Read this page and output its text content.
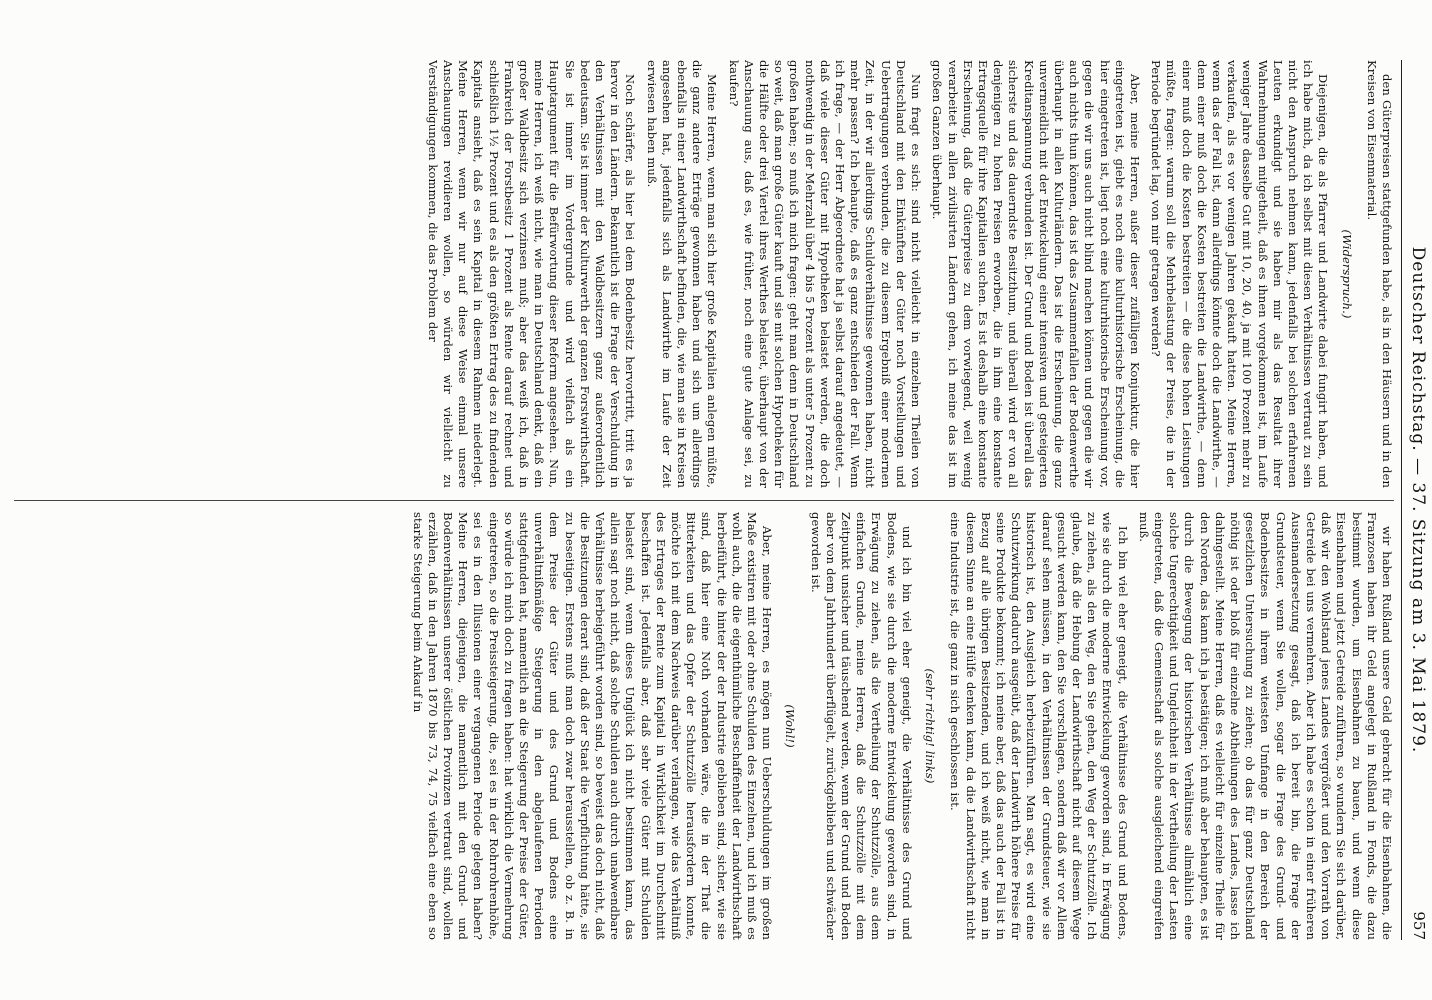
Deutscher Reichstag. — 37. Sitzung am 3. Mai 1879.
957

den Güterpreisen stattgefunden habe, als in den Häusern und in den Kreisen von Eisenmaterial.

(Widerspruch.)

Diejenigen, die als Pfarrer und Landwirte dabei fungirt haben, und ich habe mich, da ich selbst mit diesen Verhältnissen vertraut zu sein nicht den Anspruch nehmen kann, jedenfalls bei solchen erfahrenen Leuten erkundigt und sie haben mir als das Resultat ihrer Wahrnehmungen mitgetheilt, daß es ihnen vorgekommen ist, im Laufe weniger Jahre dasselbe Gut mit 10, 20, 40, ja mit 100 Prozent mehr zu verkaufen, als es vor wenigen Jahren gekauft hatten. Meine Herren, wenn das der Fall ist, dann allerdings könnte doch die Landwirthe, — denn einer muß doch die Kosten bestreiten die Landwirthe, — denn einer muß doch die Kosten bestreiten — die diese hohen Leistungen müßte, fragen: warum soll die Mehrbelastung der Preise, die in der Periode begründet lag, von mir getragen werden?

Aber, meine Herren, außer dieser zufälligen Konjunktur, die hier eingetreten ist, giebt es noch eine kulturhistorische Erscheinung, die hier eingetreten ist, liegt noch eine kulturhistorische Erscheinung vor, gegen die wir uns auch nicht blind machen können und gegen die wir auch nichts thun können, das ist das Zusammenfallen der Bodenwerthe überhaupt in allen Kulturländern. Das ist die Erscheinung, die ganz unvermeidlich mit der Entwickelung einer intensiven und gesteigerten Kreditanspannung verbunden ist. Der Grund und Boden ist überall das sicherste und das dauerndste Besitzthum, und überall wird er von all denjenigen zu hohen Preisen erworben, die in ihm eine konstante Ertragsquelle für ihre Kapitalien suchen. Es ist deshalb eine konstante Erscheinung, daß die Güterpreise zu dem vorwiegend, weil wenig verarbeitet in allen zivilisirten Ländern gehen, ich meine das ist im großen Ganzen überhaupt.

Nun fragt es sich: sind nicht vielleicht in einzelnen Theilen von Deutschland mit den Einkünften der Güter noch Vorstellungen und Uebertragungen verbunden, die zu diesem Ergebniß einer modernen Zeit, in der wir allerdings Schuldverhältnisse gewonnen haben, nicht mehr passen? Ich behaupte, daß es ganz entschieden der Fall. Wenn ich frage, — der Herr Abgeordnete hat ja selbst darauf angedeutet, — daß viele dieser Güter mit Hypotheken belastet werden, die doch nothwendig in der Mehrzahl über 4 bis 5 Prozent als unter 5 Prozent zu großen haben; so muß ich mich fragen: geht man denn in Deutschland so weit, daß man große Güter kauft und sie mit solchen Hypotheken für die Hälfte oder drei Viertel ihres Werthes belastet, überhaupt von der Anschauung aus, daß es, wie früher, noch eine gute Anlage sei, zu kaufen?

Meine Herren, wenn man sich hier große Kapitalien anlegen müßte, die ganz andere Erträge gewonnen haben und sich um allerdings ebenfalls in einer Landwirthschaft befinden, die, wie man sie in Kreisen angesehen hat, jedenfalls sich als Landwirthe im Laufe der Zeit erwiesen haben muß.

Noch schärfer, als hier bei dem Bodenbesitz hervortritt, tritt es ja hervor in den Ländern. Bekanntlich ist die Frage der Verschuldung in den Verhältnissen mit den Waldbesitzern ganz außerordentlich bedeutsam. Sie ist immer der Kulturwerth der ganzen Forstwirthschaft. Sie ist immer im Vordergrunde und wird vielfach als ein Hauptargument für die Befürwortung dieser Reform angesehen. Nun, meine Herren, ich weiß nicht, wie man in Deutschland denkt, daß ein großer Waldbesitz sich verzinsen muß; aber das weiß ich, daß in Frankreich der Forstbesitz 1 Prozent als Rente darauf rechnet und schließlich 1½ Prozent und es als den größten Ertrag des zu findenden Kapitals ansieht, daß es sein Kapital in diesem Rahmen niederlegt. Meine Herren, wenn wir nur auf diese Weise einmal unsere Anschauungen revidieren wollen, so würden wir vielleicht zu Verständigungen kommen, die das Problem der

wir haben Rußland unsere Geld gebracht für die Eisenbahnen, die Franzosen haben ihr Geld angelegt in Rußland in Fonds, die dazu bestimmt wurden, um Eisenbahnen zu bauen, und wenn diese Eisenbahnen und jetzt Getreide zuführen, so wundern Sie sich darüber, daß wir den Wohlstand jenes Landes vergrößert und den Vorrath von Getreide bei uns vermehren. Aber ich habe es schon in einer früheren Auseinandersetzung gesagt, daß ich bereit bin, die Frage der Grundsteuer, wenn Sie wollen, sogar die Frage des Grund- und Bodenbesitzes in ihrem weitesten Umfange in den Bereich der gesetzlichen Untersuchung zu ziehen; ob das für ganz Deutschland nöthig ist oder bloß für einzelne Abtheilungen des Landes, lasse ich dahingestellt. Meine Herren, daß es vielleicht für einzelne Theile für den Norden, das kann ich ja bestätigen; ich muß aber behaupten, es ist durch die Bewegung der historischen Verhältnisse allmählich eine solche Ungerechtigkeit und Ungleichheit in der Vertheilung der Lasten eingetreten, daß die Gemeinschaft als solche ausgleichend eingreifen muß.

Ich bin viel eher geneigt, die Verhältnisse des Grund und Bodens, wie sie durch die moderne Entwickelung geworden sind, in Erwägung zu ziehen, als den Weg, den Sie gehen, den Weg der Schutzzölle. Ich glaube, daß die Hebung der Landwirthschaft nicht auf diesem Wege gesucht werden kann, den Sie vorschlagen, sondern daß wir vor Allem darauf sehen müssen, in den Verhältnissen der Grundsteuer, wie sie historisch ist, den Ausgleich herbeizuführen. Man sagt, es wird eine Schutzwirkung dadurch ausgeübt, daß der Landwirth höhere Preise für seine Produkte bekommt; ich meine aber, daß das auch der Fall ist in Bezug auf alle übrigen Besitzenden, und ich weiß nicht, wie man in diesem Sinne an eine Hülfe denken kann, da die Landwirthschaft nicht eine Industrie ist, die ganz in sich geschlossen ist.

(sehr richtig! links)

und ich bin viel eher geneigt, die Verhältnisse des Grund und Bodens, wie sie durch die moderne Entwickelung geworden sind, in Erwägung zu ziehen, als die Vertheilung der Schutzzölle, aus dem einfachen Grunde, meine Herren, daß die Schutzzölle mit dem Zeitpunkt unsicher und täuschend werden, wenn der Grund und Boden aber von dem Jahrhundert überflügelt, zurückgeblieben und schwächer geworden ist.

(Wohl!)

Aber, meine Herren, es mögen nun Ueberschuldungen im großen Maße existiren mit oder ohne Schulden des Einzelnen, und ich muß es wohl auch, die die eigenthümliche Beschaffenheit der Landwirthschaft herbeiführt, die hinter der der Industrie geblieben sind, sicher, wie sie sind, daß hier eine Noth vorhanden wäre, die in der That die Bitterkeiten und das Opfer der Schutzzölle herausfordern konnte, möchte ich mit dem Nachweis darüber verlangen, wie das Verhältniß des Ertrages der Rente zum Kapital in Wirklichkeit im Durchschnitt beschaffen ist. Jedenfalls aber, daß sehr viele Güter mit Schulden belastet sind, wenn dieses Unglück ich nicht bestimmen kann, das allein sagt noch nicht, daß solche Schulden auch durch unabwendbare Verhältnisse herbeigeführt worden sind, so beweist das doch nicht, daß die Besitzungen derart sind, daß der Staat die Verpflichtung hätte, sie zu beseitigen. Erstens muß man doch zwar herausstellen, ob z. B. in dem Preise der Güter und des Grund und Bodens eine unverhältnißmäßige Steigerung in den abgelaufenen Perioden stattgefunden hat, namentlich an die Steigerung der Preise der Güter, so würde ich mich doch zu fragen haben: hat wirklich die Vermehrung eingetreten, so die Preissteigerung, die, sei es in der Rohrrohrenhöhe, sei es in den Illusionen einer vergangenen Periode gelegen haben? Meine Herren, diejenigen, die namentlich mit den Grund- und Bodenverhältnissen unserer östlichen Provinzen vertraut sind, wollen erzählen, daß in den Jahren 1870 bis 73, 74, 75 vielfach eine eben so starke Steigerung beim Ankauf in
